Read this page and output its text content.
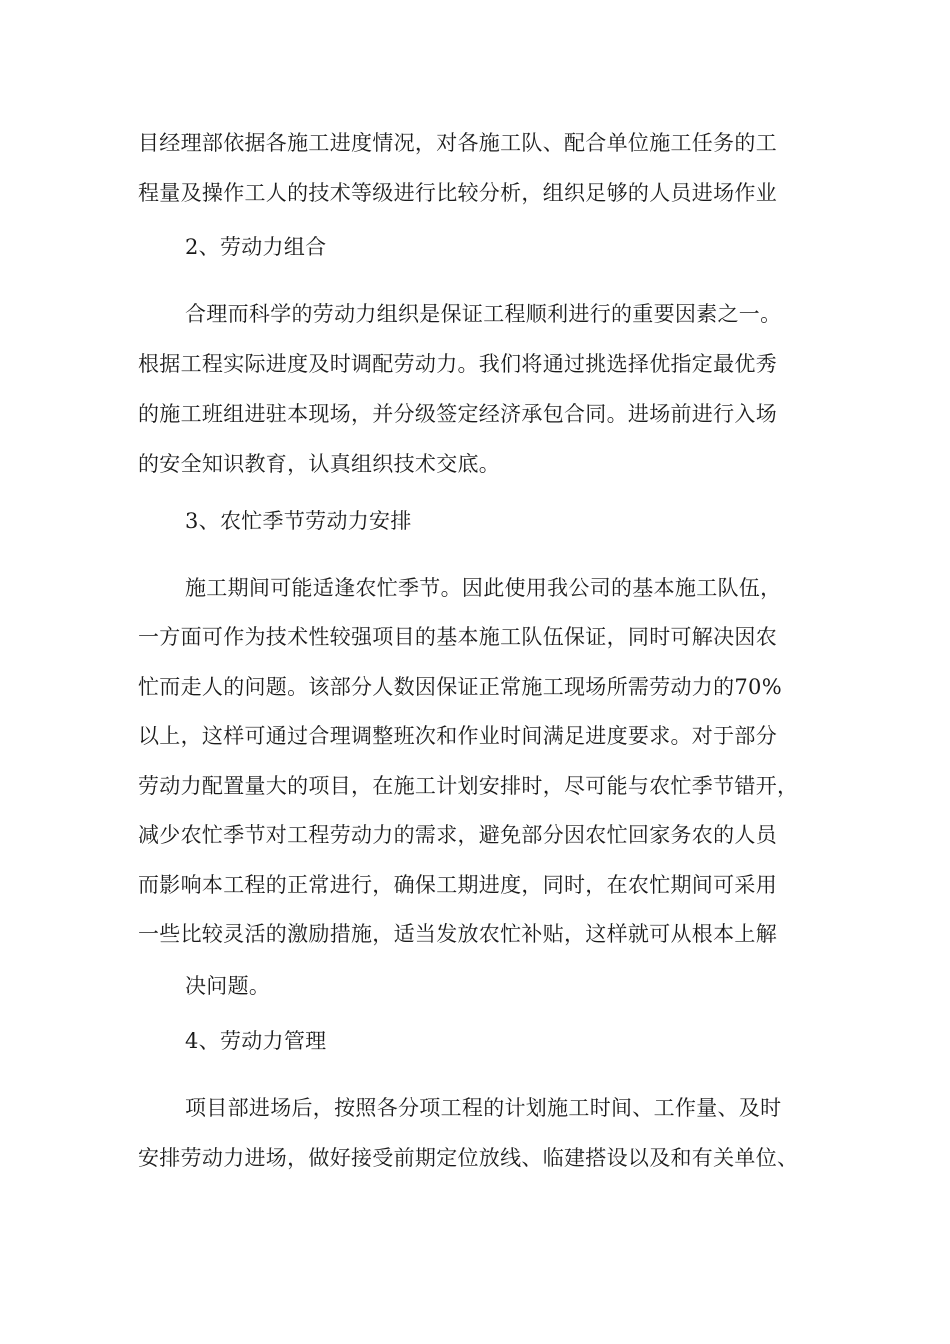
目经理部依据各施工进度情况，对各施工队、配合单位施工任务的工
程量及操作工人的技术等级进行比较分析，组织足够的人员进场作业
2、劳动力组合
合理而科学的劳动力组织是保证工程顺利进行的重要因素之一。
根据工程实际进度及时调配劳动力。我们将通过挑选择优指定最优秀
的施工班组进驻本现场，并分级签定经济承包合同。进场前进行入场
的安全知识教育，认真组织技术交底。
3、农忙季节劳动力安排
施工期间可能适逢农忙季节。因此使用我公司的基本施工队伍，
一方面可作为技术性较强项目的基本施工队伍保证，同时可解决因农
忙而走人的问题。该部分人数因保证正常施工现场所需劳动力的70%
以上，这样可通过合理调整班次和作业时间满足进度要求。对于部分
劳动力配置量大的项目，在施工计划安排时，尽可能与农忙季节错开，
减少农忙季节对工程劳动力的需求，避免部分因农忙回家务农的人员
而影响本工程的正常进行，确保工期进度，同时，在农忙期间可采用
一些比较灵活的激励措施，适当发放农忙补贴，这样就可从根本上解
决问题。
4、劳动力管理
项目部进场后，按照各分项工程的计划施工时间、工作量、及时
安排劳动力进场，做好接受前期定位放线、临建搭设以及和有关单位、
